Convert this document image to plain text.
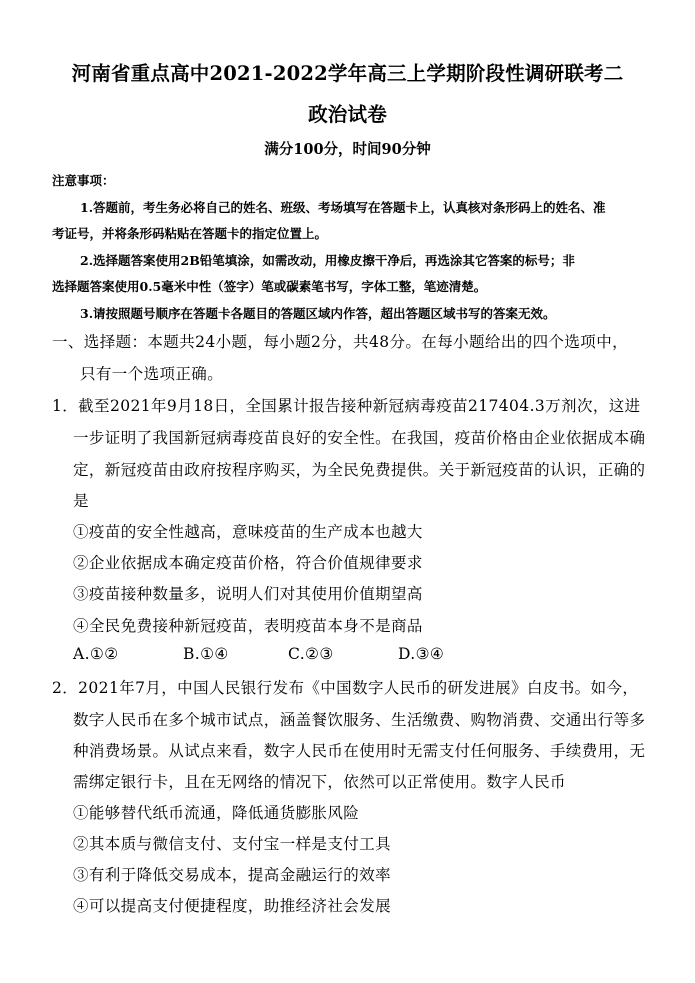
河南省重点高中2021-2022学年高三上学期阶段性调研联考二
政治试卷
满分100分，时间90分钟
注意事项：
1.答题前，考生务必将自己的姓名、班级、考场填写在答题卡上，认真核对条形码上的姓名、准
考证号，并将条形码粘贴在答题卡的指定位置上。
2.选择题答案使用2B铅笔填涂，如需改动，用橡皮擦干净后，再选涂其它答案的标号；非
选择题答案使用0.5毫米中性（签字）笔或碳素笔书写，字体工整，笔迹清楚。
3.请按照题号顺序在答题卡各题目的答题区域内作答，超出答题区域书写的答案无效。
一、选择题：本题共24小题，每小题2分，共48分。在每小题给出的四个选项中，
只有一个选项正确。
1．截至2021年9月18日，全国累计报告接种新冠病毒疫苗217404.3万剂次，这进
一步证明了我国新冠病毒疫苗良好的安全性。在我国，疫苗价格由企业依据成本确
定，新冠疫苗由政府按程序购买，为全民免费提供。关于新冠疫苗的认识，正确的
是
①疫苗的安全性越高，意味疫苗的生产成本也越大
②企业依据成本确定疫苗价格，符合价值规律要求
③疫苗接种数量多，说明人们对其使用价值期望高
④全民免费接种新冠疫苗，表明疫苗本身不是商品
A.①②	B.①④	C.②③	D.③④
2．2021年7月，中国人民银行发布《中国数字人民币的研发进展》白皮书。如今，
数字人民币在多个城市试点，涵盖餐饮服务、生活缴费、购物消费、交通出行等多
种消费场景。从试点来看，数字人民币在使用时无需支付任何服务、手续费用，无
需绑定银行卡，且在无网络的情况下，依然可以正常使用。数字人民币
①能够替代纸币流通，降低通货膨胀风险
②其本质与微信支付、支付宝一样是支付工具
③有利于降低交易成本，提高金融运行的效率
④可以提高支付便捷程度，助推经济社会发展
